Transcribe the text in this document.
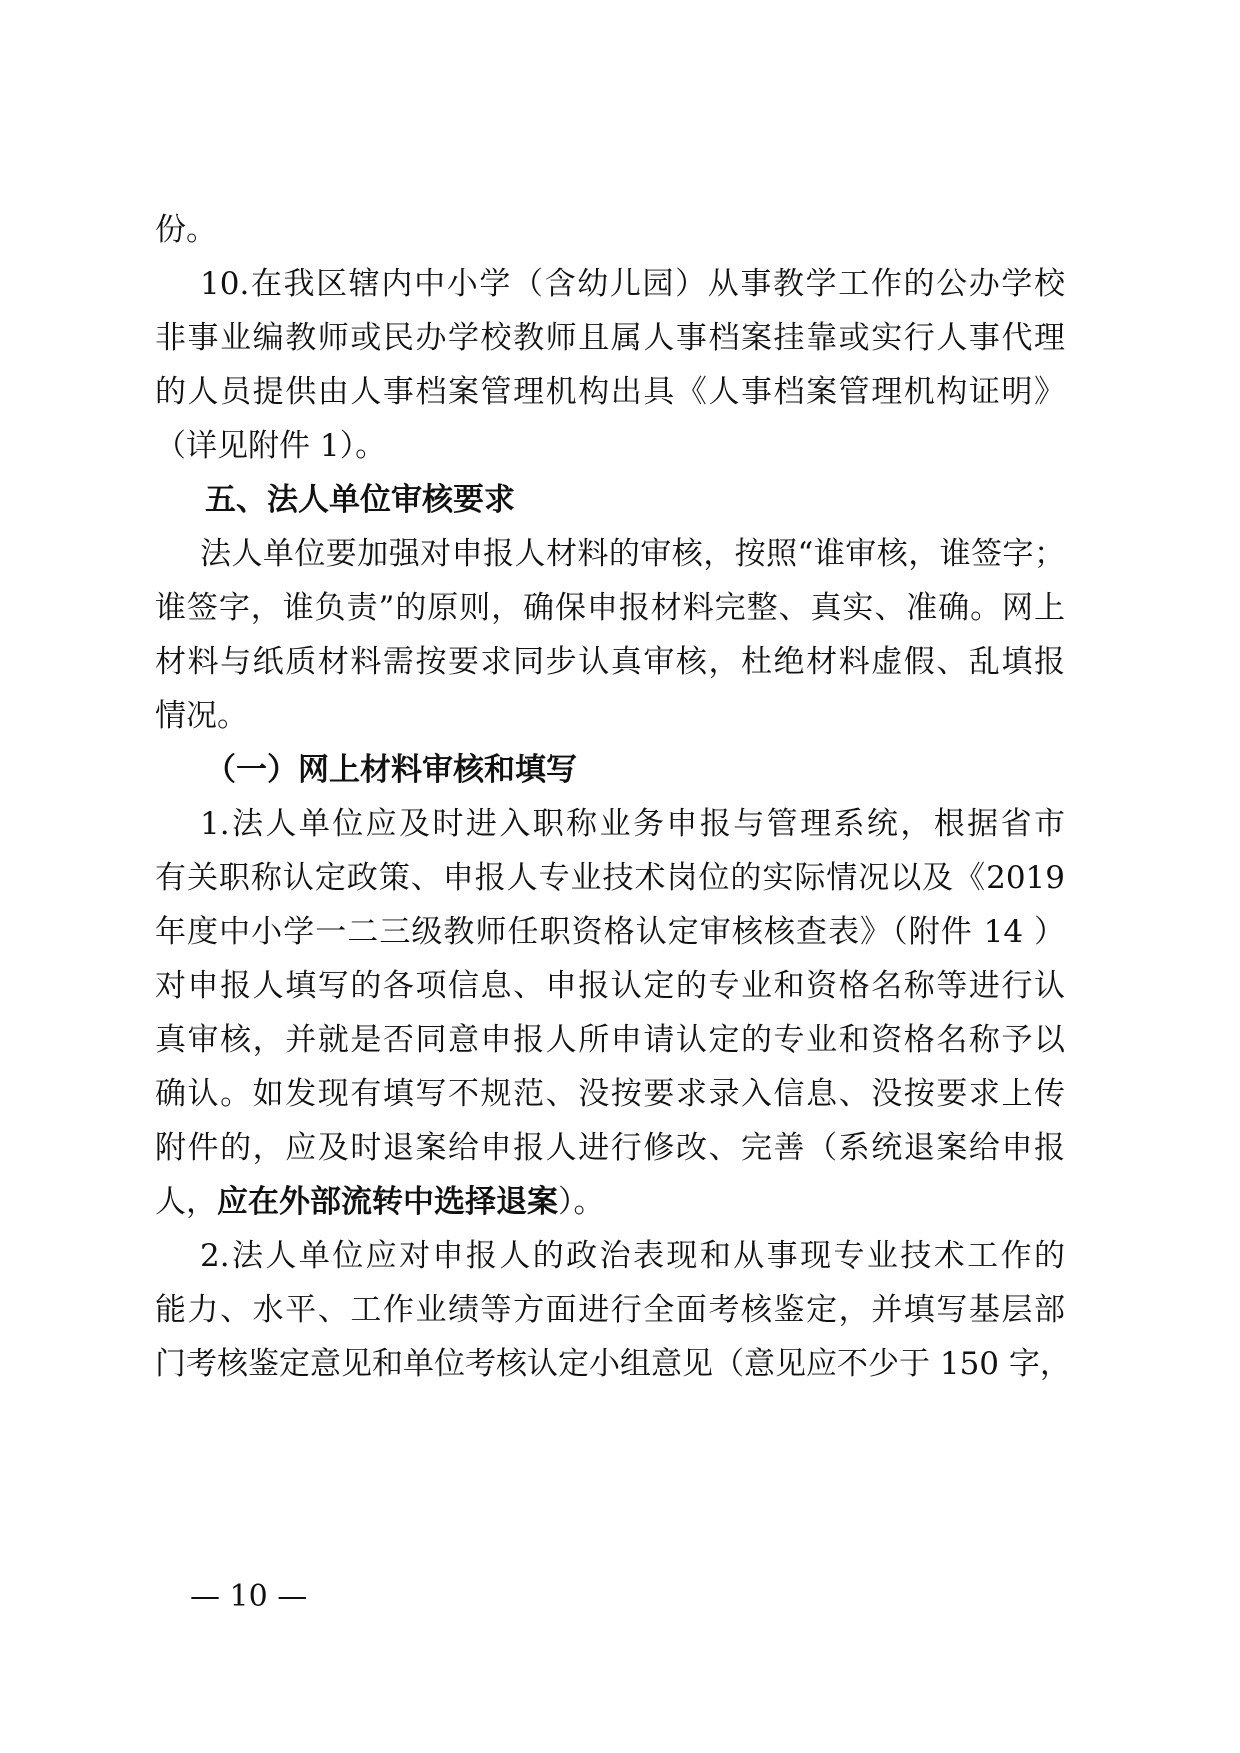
份。
10.在我区辖内中小学（含幼儿园）从事教学工作的公办学校
非事业编教师或民办学校教师且属人事档案挂靠或实行人事代理
的人员提供由人事档案管理机构出具《人事档案管理机构证明》
（详见附件 1）。
五、法人单位审核要求
法人单位要加强对申报人材料的审核，按照“谁审核，谁签字；
谁签字，谁负责”的原则，确保申报材料完整、真实、准确。网上
材料与纸质材料需按要求同步认真审核，杜绝材料虚假、乱填报
情况。
（一）网上材料审核和填写
1.法人单位应及时进入职称业务申报与管理系统，根据省市
有关职称认定政策、申报人专业技术岗位的实际情况以及《2019
年度中小学一二三级教师任职资格认定审核核查表》（附件 14 ）
对申报人填写的各项信息、申报认定的专业和资格名称等进行认
真审核，并就是否同意申报人所申请认定的专业和资格名称予以
确认。如发现有填写不规范、没按要求录入信息、没按要求上传
附件的，应及时退案给申报人进行修改、完善（系统退案给申报
人，应在外部流转中选择退案）。
2.法人单位应对申报人的政治表现和从事现专业技术工作的
能力、水平、工作业绩等方面进行全面考核鉴定，并填写基层部
门考核鉴定意见和单位考核认定小组意见（意见应不少于 150 字，
— 10 —
